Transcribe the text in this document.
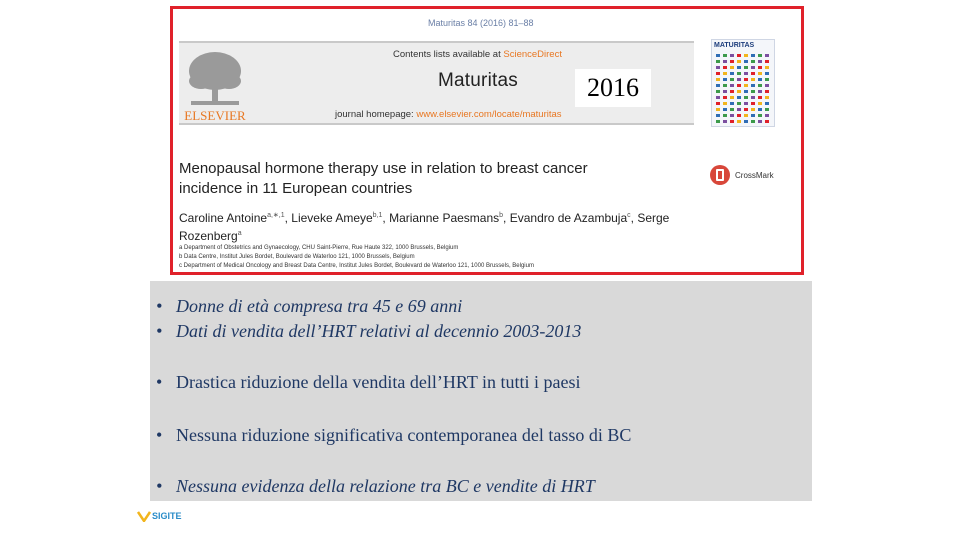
Maturitas 84 (2016) 81–88
ELSEVIER
Contents lists available at ScienceDirect
Maturitas
journal homepage: www.elsevier.com/locate/maturitas
2016
MATURITAS
Menopausal hormone therapy use in relation to breast cancer incidence in 11 European countries
CrossMark
Caroline Antoine$^{a,∗,1}$, Lieveke Ameye$^{b,1}$, Marianne Paesmans$^b$, Evandro de Azambuja$^c$, Serge Rozenberg$^a$
a Department of Obstetrics and Gynaecology, CHU Saint-Pierre, Rue Haute 322, 1000 Brussels, Belgium
b Data Centre, Institut Jules Bordet, Boulevard de Waterloo 121, 1000 Brussels, Belgium
c Department of Medical Oncology and Breast Data Centre, Institut Jules Bordet, Boulevard de Waterloo 121, 1000 Brussels, Belgium
• Donne di età compresa tra 45 e 69 anni
• Dati di vendita dell’HRT relativi al decennio 2003-2013
• Drastica riduzione della vendita dell’HRT in tutti i paesi
• Nessuna riduzione significativa contemporanea del tasso di BC
• Nessuna evidenza della relazione tra BC e vendite di HRT
SIGITE
